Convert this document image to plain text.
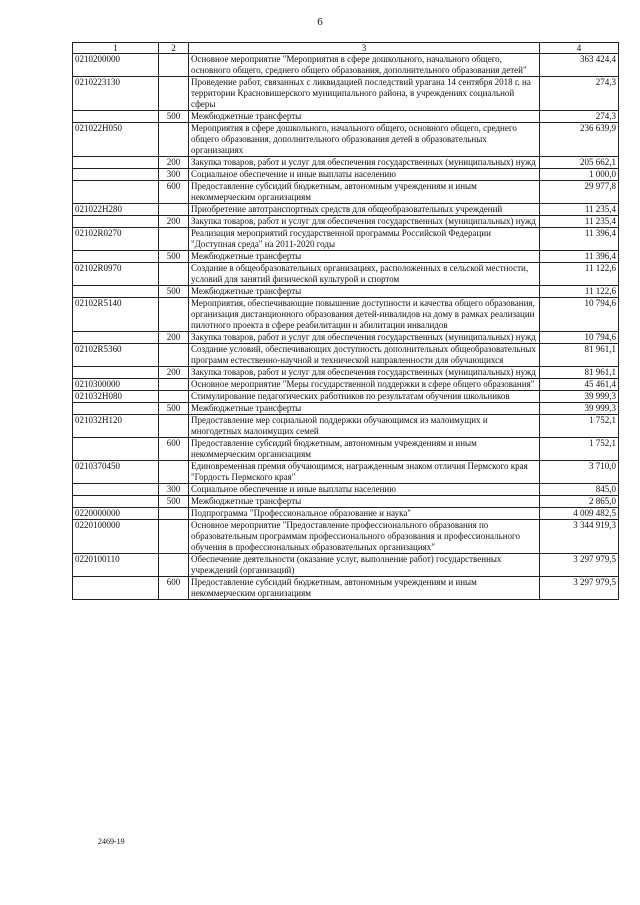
6
1	2	3	4
0210200000		Основное мероприятие "Мероприятия в сфере дошкольного, начального общего, основного общего, среднего общего образования, дополнительного образования детей"	363 424,4
0210223130		Проведение работ, связанных с ликвидацией последствий урагана 14 сентября 2018 г. на территории Красновишерского муниципального района, в учреждениях социальной сферы	274,3
	500	Межбюджетные трансферты	274,3
021022Н050		Мероприятия в сфере дошкольного, начального общего, основного общего, среднего общего образования, дополнительного образования детей в образовательных организациях	236 639,9
	200	Закупка товаров, работ и услуг для обеспечения государственных (муниципальных) нужд	205 662,1
	300	Социальное обеспечение и иные выплаты населению	1 000,0
	600	Предоставление субсидий бюджетным, автономным учреждениям и иным некоммерческим организациям	29 977,8
021022Н280		Приобретение автотранспортных средств для общеобразовательных учреждений	11 235,4
	200	Закупка товаров, работ и услуг для обеспечения государственных (муниципальных) нужд	11 235,4
02102R0270		Реализация мероприятий государственной программы Российской Федерации "Доступная среда" на 2011-2020 годы	11 396,4
	500	Межбюджетные трансферты	11 396,4
02102R0970		Создание в общеобразовательных организациях, расположенных в сельской местности, условий для занятий физической культурой и спортом	11 122,6
	500	Межбюджетные трансферты	11 122,6
02102R5140		Мероприятия, обеспечивающие повышение доступности и качества общего образования, организация дистанционного образования детей-инвалидов на дому в рамках реализации пилотного проекта в сфере реабилитации и абилитации инвалидов	10 794,6
	200	Закупка товаров, работ и услуг для обеспечения государственных (муниципальных) нужд	10 794,6
02102R5360		Создание условий, обеспечивающих доступность дополнительных общеобразовательных программ естественно-научной и технической направленности для обучающихся	81 961,1
	200	Закупка товаров, работ и услуг для обеспечения государственных (муниципальных) нужд	81 961,1
0210300000		Основное мероприятие "Меры государственной поддержки в сфере общего образования"	45 461,4
021032Н080		Стимулирование педагогических работников по результатам обучения школьников	39 999,3
	500	Межбюджетные трансферты	39 999,3
021032Н120		Предоставление мер социальной поддержки обучающимся из малоимущих и многодетных малоимущих семей	1 752,1
	600	Предоставление субсидий бюджетным, автономным учреждениям и иным некоммерческим организациям	1 752,1
0210370450		Единовременная премия обучающимся, награжденным знаком отличия Пермского края "Гордость Пермского края"	3 710,0
	300	Социальное обеспечение и иные выплаты населению	845,0
	500	Межбюджетные трансферты	2 865,0
0220000000		Подпрограмма "Профессиональное образование и наука"	4 009 482,5
0220100000		Основное мероприятие "Предоставление профессионального образования по образовательным программам профессионального образования и профессионального обучения в профессиональных образовательных организациях"	3 344 919,3
0220100110		Обеспечение деятельности (оказание услуг, выполнение работ) государственных учреждений (организаций)	3 297 979,5
	600	Предоставление субсидий бюджетным, автономным учреждениям и иным некоммерческим организациям	3 297 979,5
2469-19
